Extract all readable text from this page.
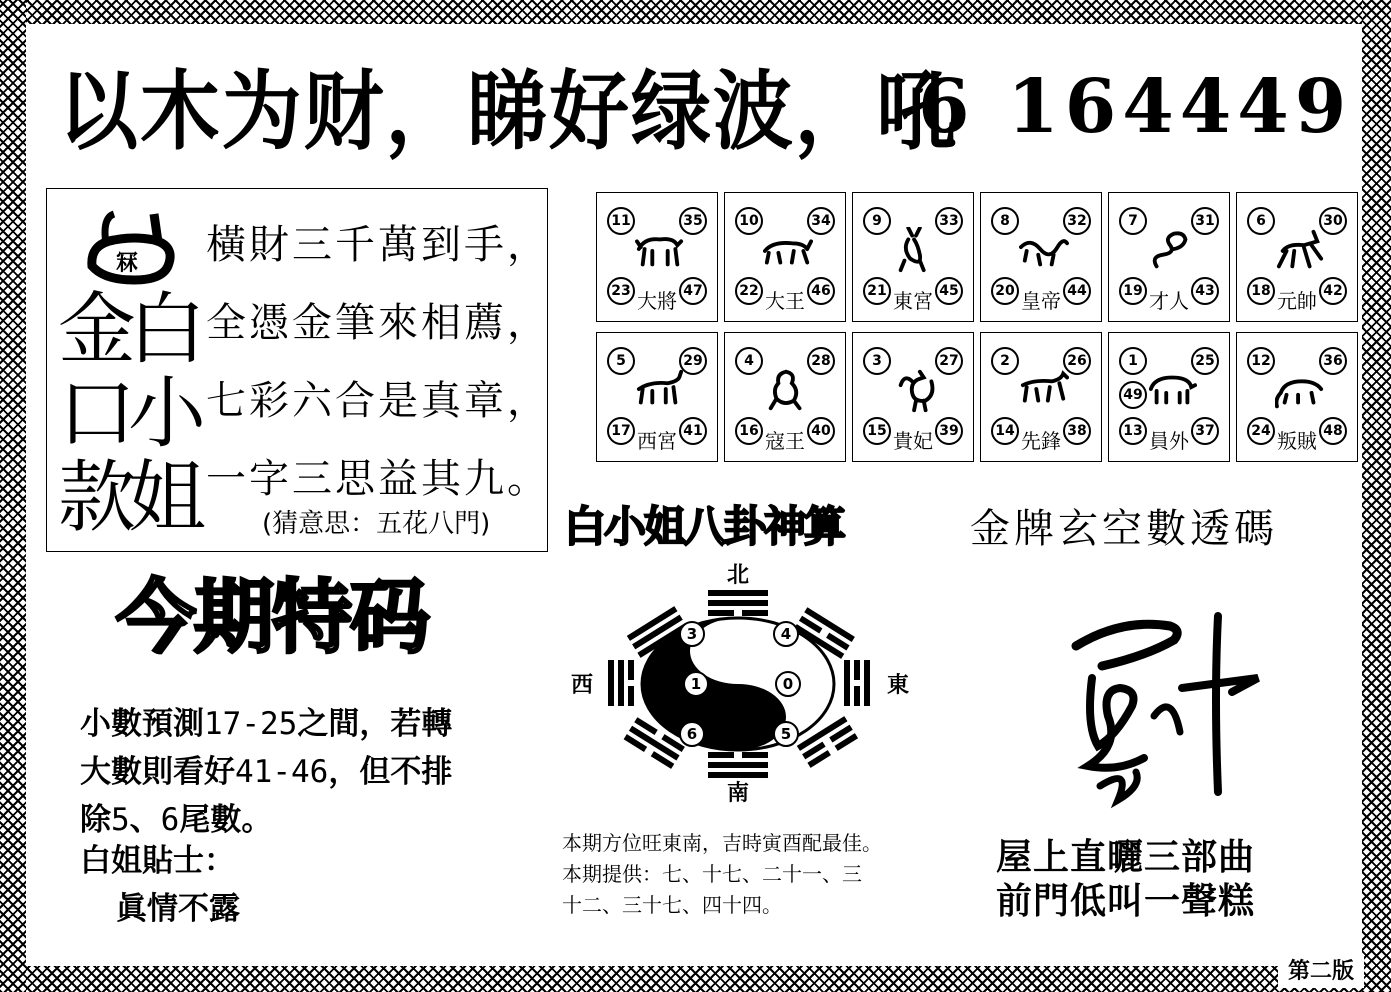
以木为财，睇好绿波，吼
6 164449
冧
金白
口小
款姐
橫財三千萬到手，
全憑金筆來相薦，
七彩六合是真章，
一字三思益其九。
(猜意思：五花八門)
11	35
23	47
大將
10	34
22	46
大王
9	33
21	45
東宮
8	32
20	44
皇帝
7	31
19	43
才人
6	30
18	42
元帥
5	29
17	41
西宮
4	28
16	40
寇王
3	27
15	39
貴妃
2	26
14	38
先鋒
1	25
13	37
49
員外
12	36
24	48
叛賊
今期特码
小數預測17-25之間，若轉
大數則看好41-46，但不排
除5、6尾數。
白姐貼士：
眞情不露
白小姐八卦神算
3	4
1	0
6	5
北
南
西	東
本期方位旺東南，吉時寅酉配最佳。
本期提供：七、十七、二十一、三
十二、三十七、四十四。
金牌玄空數透碼
屋上直曬三部曲
前門低叫一聲糕
第二版
